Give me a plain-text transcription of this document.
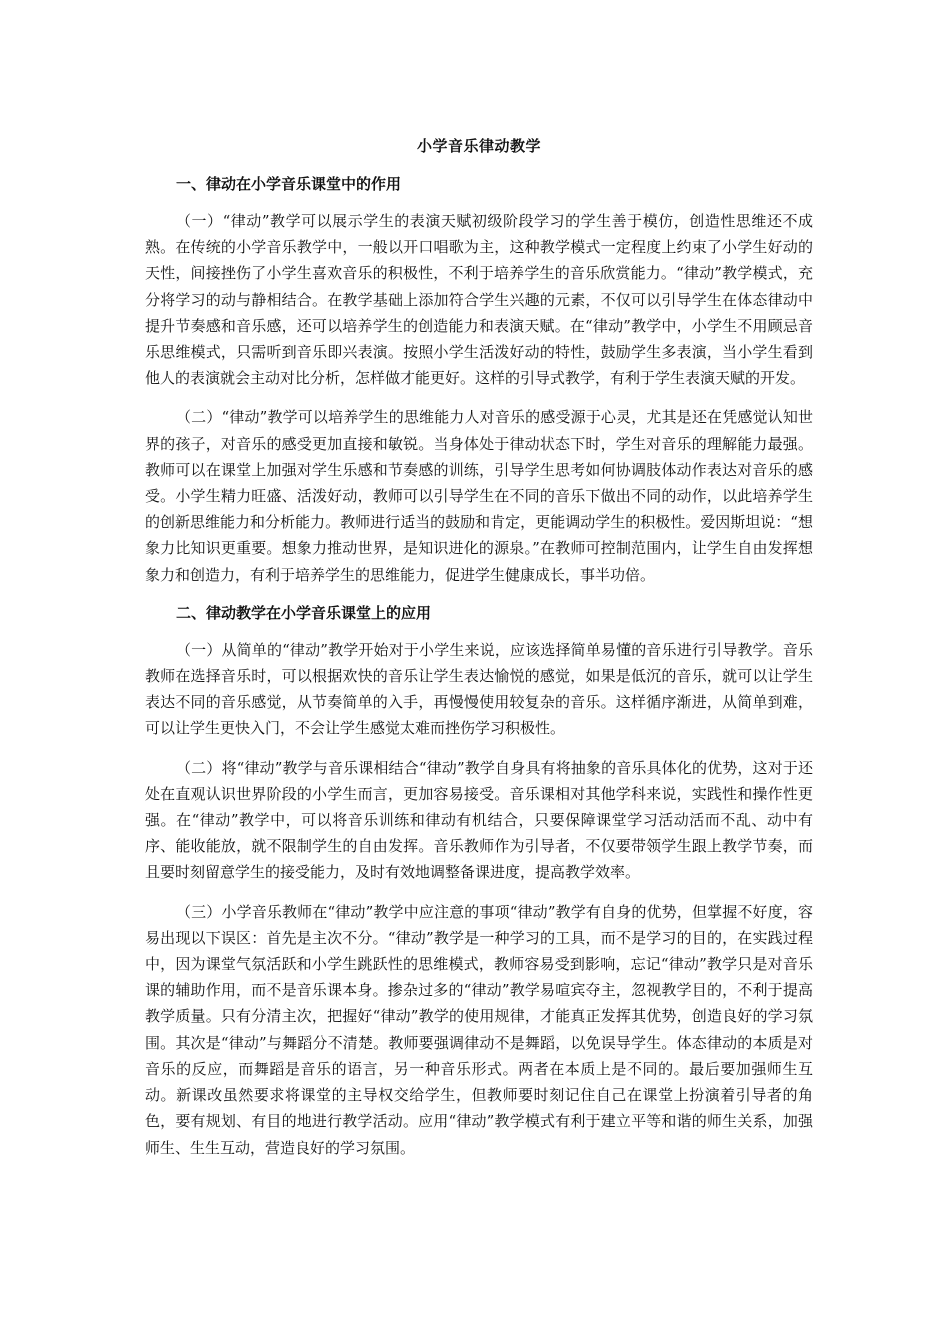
小学音乐律动教学
一、律动在小学音乐课堂中的作用

（一）“律动”教学可以展示学生的表演天赋初级阶段学习的学生善于模仿，创造性思维还不成熟。在传统的小学音乐教学中，一般以开口唱歌为主，这种教学模式一定程度上约束了小学生好动的天性，间接挫伤了小学生喜欢音乐的积极性，不利于培养学生的音乐欣赏能力。“律动”教学模式，充分将学习的动与静相结合。在教学基础上添加符合学生兴趣的元素，不仅可以引导学生在体态律动中提升节奏感和音乐感，还可以培养学生的创造能力和表演天赋。在“律动”教学中，小学生不用顾忌音乐思维模式，只需听到音乐即兴表演。按照小学生活泼好动的特性，鼓励学生多表演，当小学生看到他人的表演就会主动对比分析，怎样做才能更好。这样的引导式教学，有利于学生表演天赋的开发。

（二）“律动”教学可以培养学生的思维能力人对音乐的感受源于心灵，尤其是还在凭感觉认知世界的孩子，对音乐的感受更加直接和敏锐。当身体处于律动状态下时，学生对音乐的理解能力最强。教师可以在课堂上加强对学生乐感和节奏感的训练，引导学生思考如何协调肢体动作表达对音乐的感受。小学生精力旺盛、活泼好动，教师可以引导学生在不同的音乐下做出不同的动作，以此培养学生的创新思维能力和分析能力。教师进行适当的鼓励和肯定，更能调动学生的积极性。爱因斯坦说：“想象力比知识更重要。想象力推动世界，是知识进化的源泉。”在教师可控制范围内，让学生自由发挥想象力和创造力，有利于培养学生的思维能力，促进学生健康成长，事半功倍。

二、律动教学在小学音乐课堂上的应用

（一）从简单的“律动”教学开始对于小学生来说，应该选择简单易懂的音乐进行引导教学。音乐教师在选择音乐时，可以根据欢快的音乐让学生表达愉悦的感觉，如果是低沉的音乐，就可以让学生表达不同的音乐感觉，从节奏简单的入手，再慢慢使用较复杂的音乐。这样循序渐进，从简单到难，可以让学生更快入门，不会让学生感觉太难而挫伤学习积极性。

（二）将“律动”教学与音乐课相结合“律动”教学自身具有将抽象的音乐具体化的优势，这对于还处在直观认识世界阶段的小学生而言，更加容易接受。音乐课相对其他学科来说，实践性和操作性更强。在“律动”教学中，可以将音乐训练和律动有机结合，只要保障课堂学习活动活而不乱、动中有序、能收能放，就不限制学生的自由发挥。音乐教师作为引导者，不仅要带领学生跟上教学节奏，而且要时刻留意学生的接受能力，及时有效地调整备课进度，提高教学效率。

（三）小学音乐教师在“律动”教学中应注意的事项“律动”教学有自身的优势，但掌握不好度，容易出现以下误区：首先是主次不分。“律动”教学是一种学习的工具，而不是学习的目的，在实践过程中，因为课堂气氛活跃和小学生跳跃性的思维模式，教师容易受到影响，忘记“律动”教学只是对音乐课的辅助作用，而不是音乐课本身。掺杂过多的“律动”教学易喧宾夺主，忽视教学目的，不利于提高教学质量。只有分清主次，把握好“律动”教学的使用规律，才能真正发挥其优势，创造良好的学习氛围。其次是“律动”与舞蹈分不清楚。教师要强调律动不是舞蹈，以免误导学生。体态律动的本质是对音乐的反应，而舞蹈是音乐的语言，另一种音乐形式。两者在本质上是不同的。最后要加强师生互动。新课改虽然要求将课堂的主导权交给学生，但教师要时刻记住自己在课堂上扮演着引导者的角色，要有规划、有目的地进行教学活动。应用“律动”教学模式有利于建立平等和谐的师生关系，加强师生、生生互动，营造良好的学习氛围。
